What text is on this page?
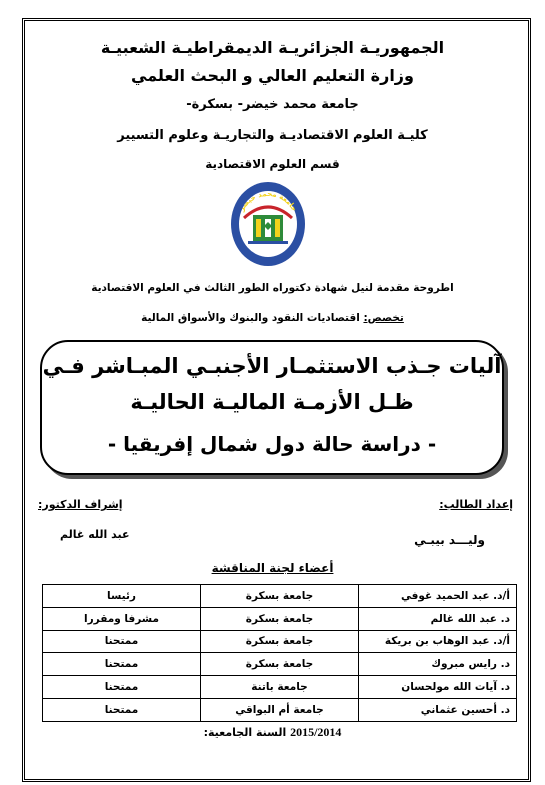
الجمهوريـة الجزائريـة الديمقراطيـة الشعبيـة
وزارة التعليم العالي و البحث العلمي
جامعة محمد خيضر- بسكرة-
كليـة العلوم الاقتصاديـة والتجاريـة وعلوم التسيير
قسم العلوم الاقتصادية
جامعة محمد خيضر
بسكرة
اطروحة مقدمة لنيل شهادة دكتوراه الطور الثالث في العلوم الاقتصادية
تخصص: اقتصاديات النقود والبنوك والأسواق المالية
آليات جـذب الاستثمـار الأجنبـي المبـاشر فـي
ظـل الأزمـة الماليـة الحاليـة
- دراسة حالة دول شمال إفريقيا -
إعداد الطالب:
إشراف الدكتور:
وليـــد بيبـي
عبد الله غالم
أعضاء لجنة المناقشة
أ/د. عبد الحميد غوفي	جامعة بسكرة	رئيسا
د. عبد الله غالم	جامعة بسكرة	مشرفا ومقررا
أ/د. عبد الوهاب بن بريكة	جامعة بسكرة	ممتحنا
د. رايس مبروك	جامعة بسكرة	ممتحنا
د. آيات الله مولحسان	جامعة باتنة	ممتحنا
د. أحسين عثماني	جامعة أم البواقي	ممتحنا
السنة الجامعية: 2015/2014
